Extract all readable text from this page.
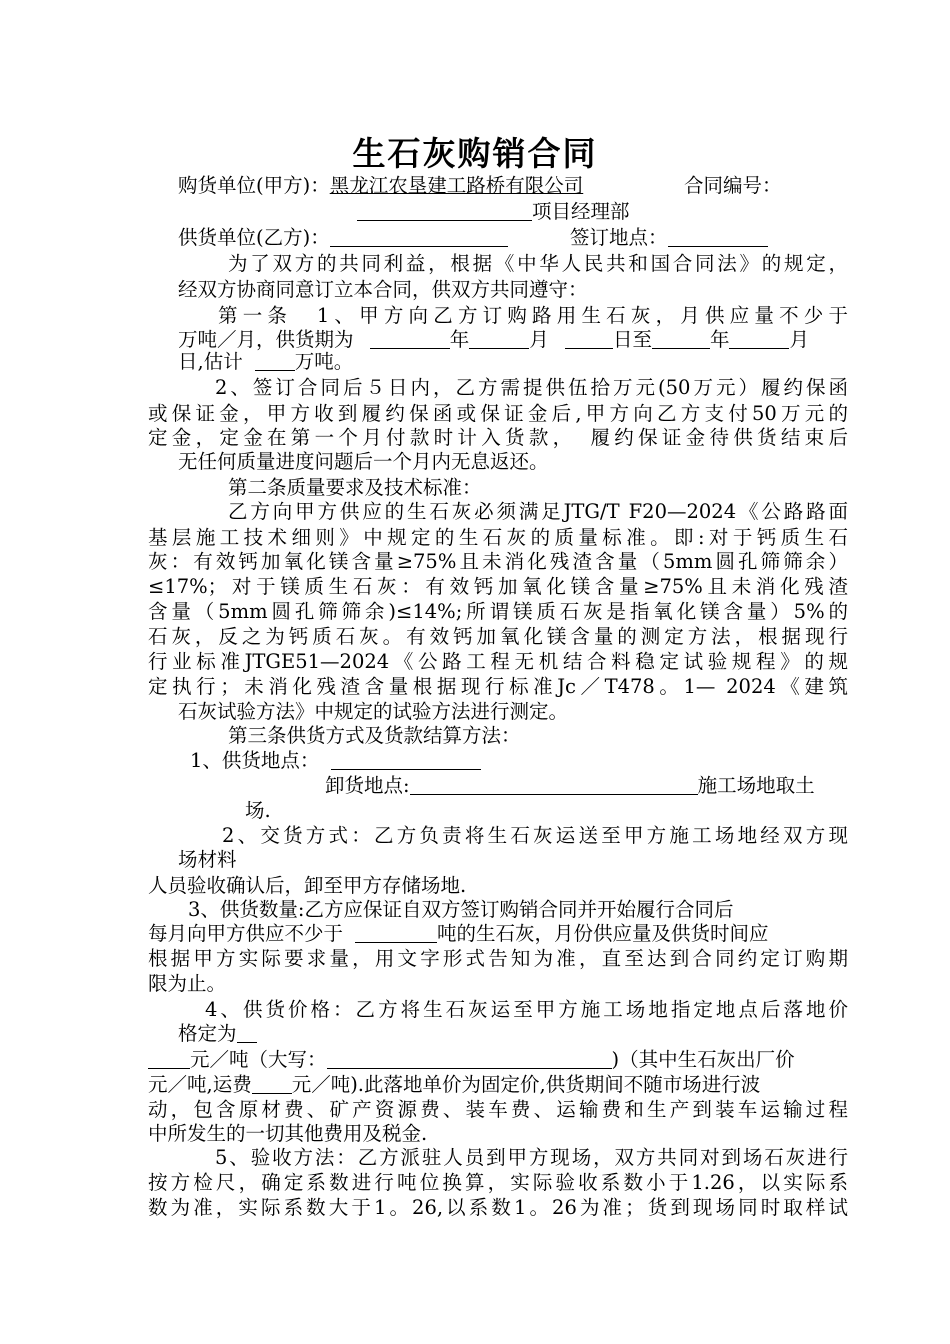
生石灰购销合同
购货单位(甲方)：黑龙江农垦建工路桥有限公司	合同编号：
项目经理部
供货单位(乙方)：	签订地点：
为了双方的共同利益，根据《中华人民共和国合同法》的规定，
经双方协商同意订立本合同，供双方共同遵守：
第一条　1、甲方向乙方订购路用生石灰，月供应量不少于
万吨／月，供货期为	年	月	日至	年	月
日,估计	万吨。
2、签订合同后５日内，乙方需提供伍拾万元(50万元）履约保函
或保证金，甲方收到履约保函或保证金后,甲方向乙方支付50万元的
定金，定金在第一个月付款时计入货款，　履约保证金待供货结束后
无任何质量进度问题后一个月内无息返还。
第二条质量要求及技术标准：
乙方向甲方供应的生石灰必须满足JTG/T F20—2024《公路路面
基层施工技术细则》中规定的生石灰的质量标准。即:对于钙质生石
灰：有效钙加氧化镁含量≥75%且未消化残渣含量（5mm圆孔筛筛余）
≤17%；对于镁质生石灰：有效钙加氧化镁含量≥75%且未消化残渣
含量（5mm圆孔筛筛余)≤14%;所谓镁质石灰是指氧化镁含量）5%的
石灰，反之为钙质石灰。有效钙加氧化镁含量的测定方法，根据现行
行业标准JTGE51—2024《公路工程无机结合料稳定试验规程》的规
定执行；未消化残渣含量根据现行标准Jc／T478。1— 2024《建筑
石灰试验方法》中规定的试验方法进行测定。
第三条供货方式及货款结算方法：
1、供货地点：
卸货地点:	施工场地取土
场.
2、交货方式：乙方负责将生石灰运送至甲方施工场地经双方现
场材料
人员验收确认后，卸至甲方存储场地.
3、供货数量:乙方应保证自双方签订购销合同并开始履行合同后
每月向甲方供应不少于	吨的生石灰，月份供应量及供货时间应
根据甲方实际要求量，用文字形式告知为准，直至达到合同约定订购期
限为止。
4、供货价格：乙方将生石灰运至甲方施工场地指定地点后落地价
格定为
元／吨（大写：	)（其中生石灰出厂价
元／吨,运费 元／吨).此落地单价为固定价,供货期间不随市场进行波
动，包含原材费、矿产资源费、装车费、运输费和生产到装车运输过程
中所发生的一切其他费用及税金.
5、验收方法：乙方派驻人员到甲方现场，双方共同对到场石灰进行
按方检尺，确定系数进行吨位换算，实际验收系数小于1.26，以实际系
数为准，实际系数大于1。26,以系数1。26为准；货到现场同时取样试
